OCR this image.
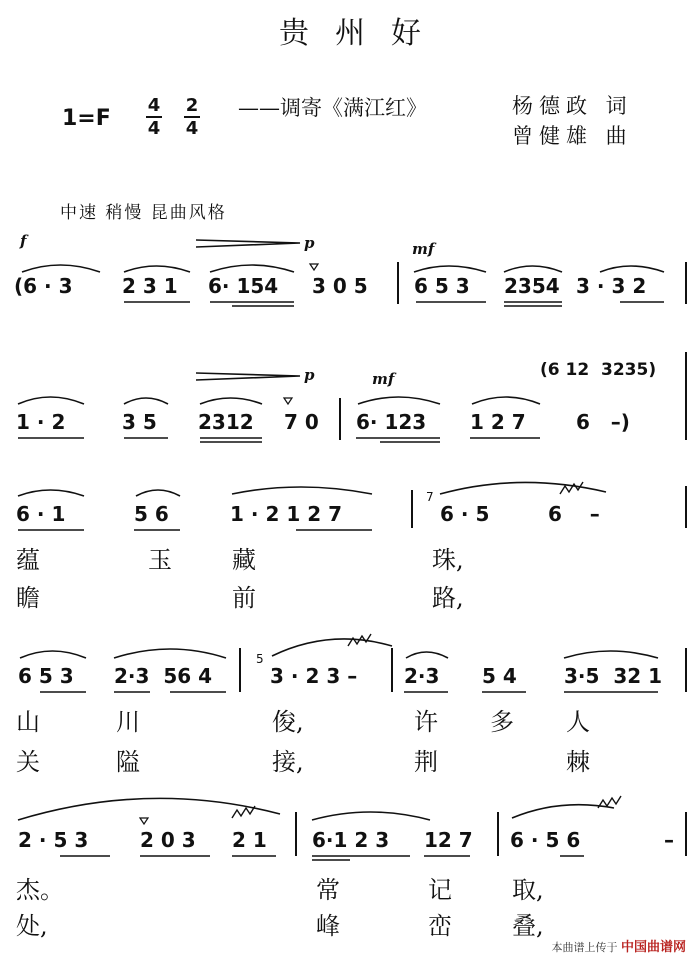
贵州好
1=F
4
4
2
4
——调寄《满江红》	杨德政 词
曾健雄 曲
中速 稍慢 昆曲风格
f	p	mf
p	mf
(6 · 3 2 3 1 6· 154 3 0 5 6 5 3 2354 3 · 3 2
(6 12  3235)
1 · 2	3 5 2312 7 0 6· 123 1 2 7	6   –)
6 · 1	5 6	1 · 2 1 2 7	6 · 5	6    –
7
蕴	玉	藏	珠,
瞻	前	路,
6 5 3 2·3  56 4	3 · 2 3 – 2·3 5 4 3·5  32 1
5
山	川	俊,	许 多 人
关	隘	接,	荆	棘
2 · 5 3	2 0 3 2 1 6·1 2 3 12 7 6 · 5 6	–
杰。	常	记	取,
处,	峰	峦	叠,
本曲谱上传于 中国曲谱网
